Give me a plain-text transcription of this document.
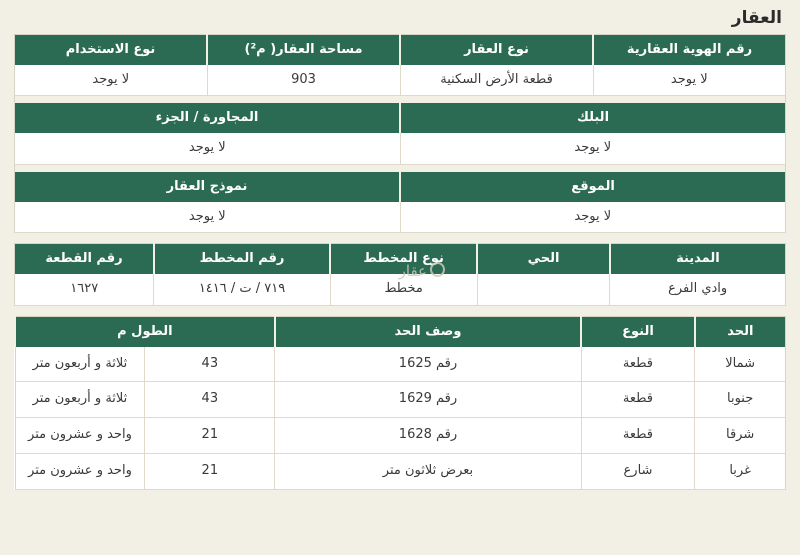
العقار
رقم الهوية العقارية	نوع العقار	مساحة العقار( م²)	نوع الاستخدام
لا يوجد	قطعة الأرض السكنية	903	لا يوجد

البلك		المجاورة / الجزء	
لا يوجد		لا يوجد	

الموقع		نموذج العقار	
لا يوجد		لا يوجد	
المدينة	الحي	نوع المخطط	رقم المخطط	رقم القطعة
وادي الفرع		مخطط	٧١٩ / ت / ١٤١٦	١٦٢٧
عقار
الحد	النوع	وصف الحد	الطول م	
شمالا	قطعة	رقم 1625	43	ثلاثة و أربعون متر
جنوبا	قطعة	رقم 1629	43	ثلاثة و أربعون متر
شرقا	قطعة	رقم 1628	21	واحد و عشرون متر
غربا	شارع	بعرض ثلاثون متر	21	واحد و عشرون متر
